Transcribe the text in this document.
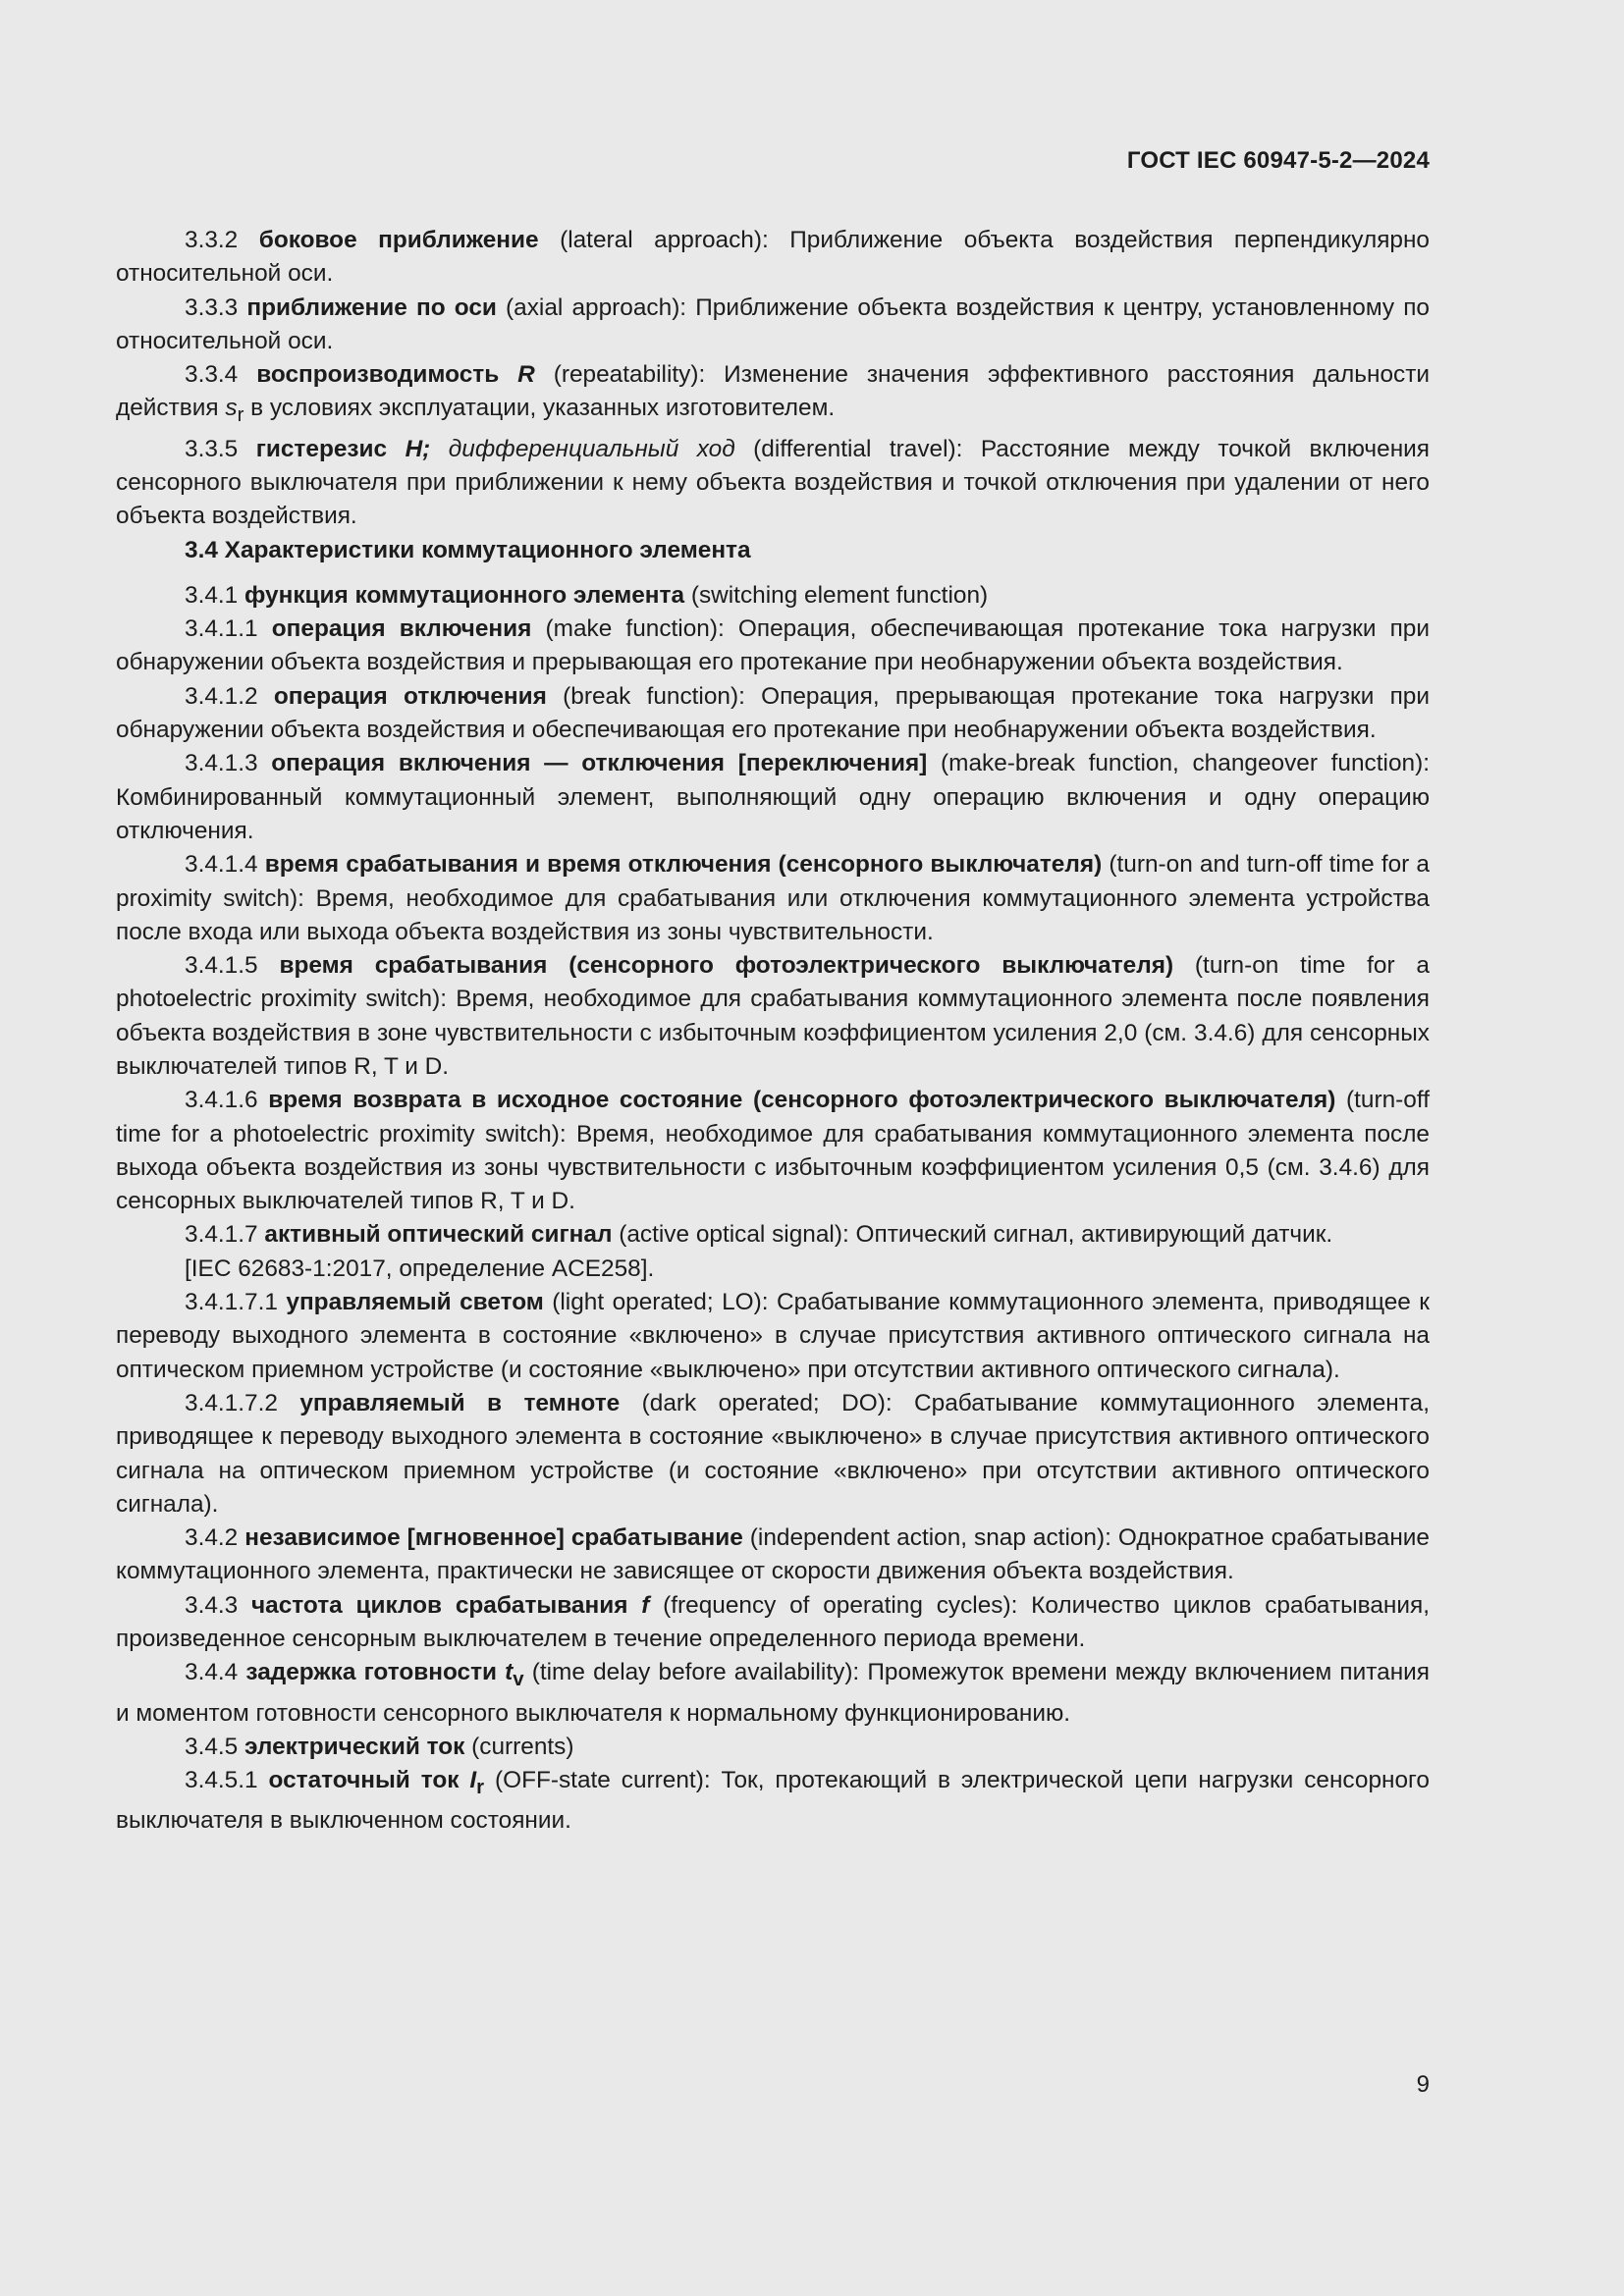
ГОСТ IEC 60947-5-2—2024

3.3.2 боковое приближение (lateral approach): Приближение объекта воздействия перпендикулярно относительной оси.

3.3.3 приближение по оси (axial approach): Приближение объекта воздействия к центру, установленному по относительной оси.

3.3.4 воспроизводимость R (repeatability): Изменение значения эффективного расстояния дальности действия $s_r$ в условиях эксплуатации, указанных изготовителем.

3.3.5 гистерезис H; дифференциальный ход (differential travel): Расстояние между точкой включения сенсорного выключателя при приближении к нему объекта воздействия и точкой отключения при удалении от него объекта воздействия.

3.4 Характеристики коммутационного элемента

3.4.1 функция коммутационного элемента (switching element function)

3.4.1.1 операция включения (make function): Операция, обеспечивающая протекание тока нагрузки при обнаружении объекта воздействия и прерывающая его протекание при необнаружении объекта воздействия.

3.4.1.2 операция отключения (break function): Операция, прерывающая протекание тока нагрузки при обнаружении объекта воздействия и обеспечивающая его протекание при необнаружении объекта воздействия.

3.4.1.3 операция включения — отключения [переключения] (make-break function, changeover function): Комбинированный коммутационный элемент, выполняющий одну операцию включения и одну операцию отключения.

3.4.1.4 время срабатывания и время отключения (сенсорного выключателя) (turn-on and turn-off time for a proximity switch): Время, необходимое для срабатывания или отключения коммутационного элемента устройства после входа или выхода объекта воздействия из зоны чувствительности.

3.4.1.5 время срабатывания (сенсорного фотоэлектрического выключателя) (turn-on time for a photoelectric proximity switch): Время, необходимое для срабатывания коммутационного элемента после появления объекта воздействия в зоне чувствительности с избыточным коэффициентом усиления 2,0 (см. 3.4.6) для сенсорных выключателей типов R, T и D.

3.4.1.6 время возврата в исходное состояние (сенсорного фотоэлектрического выключателя) (turn-off time for a photoelectric proximity switch): Время, необходимое для срабатывания коммутационного элемента после выхода объекта воздействия из зоны чувствительности с избыточным коэффициентом усиления 0,5 (см. 3.4.6) для сенсорных выключателей типов R, T и D.

3.4.1.7 активный оптический сигнал (active optical signal): Оптический сигнал, активирующий датчик.

[IEC 62683-1:2017, определение ACE258].

3.4.1.7.1 управляемый светом (light operated; LO): Срабатывание коммутационного элемента, приводящее к переводу выходного элемента в состояние «включено» в случае присутствия активного оптического сигнала на оптическом приемном устройстве (и состояние «выключено» при отсутствии активного оптического сигнала).

3.4.1.7.2 управляемый в темноте (dark operated; DO): Срабатывание коммутационного элемента, приводящее к переводу выходного элемента в состояние «выключено» в случае присутствия активного оптического сигнала на оптическом приемном устройстве (и состояние «включено» при отсутствии активного оптического сигнала).

3.4.2 независимое [мгновенное] срабатывание (independent action, snap action): Однократное срабатывание коммутационного элемента, практически не зависящее от скорости движения объекта воздействия.

3.4.3 частота циклов срабатывания f (frequency of operating cycles): Количество циклов срабатывания, произведенное сенсорным выключателем в течение определенного периода времени.

3.4.4 задержка готовности $t_v$ (time delay before availability): Промежуток времени между включением питания и моментом готовности сенсорного выключателя к нормальному функционированию.

3.4.5 электрический ток (currents)

3.4.5.1 остаточный ток $I_r$ (OFF-state current): Ток, протекающий в электрической цепи нагрузки сенсорного выключателя в выключенном состоянии.

9
